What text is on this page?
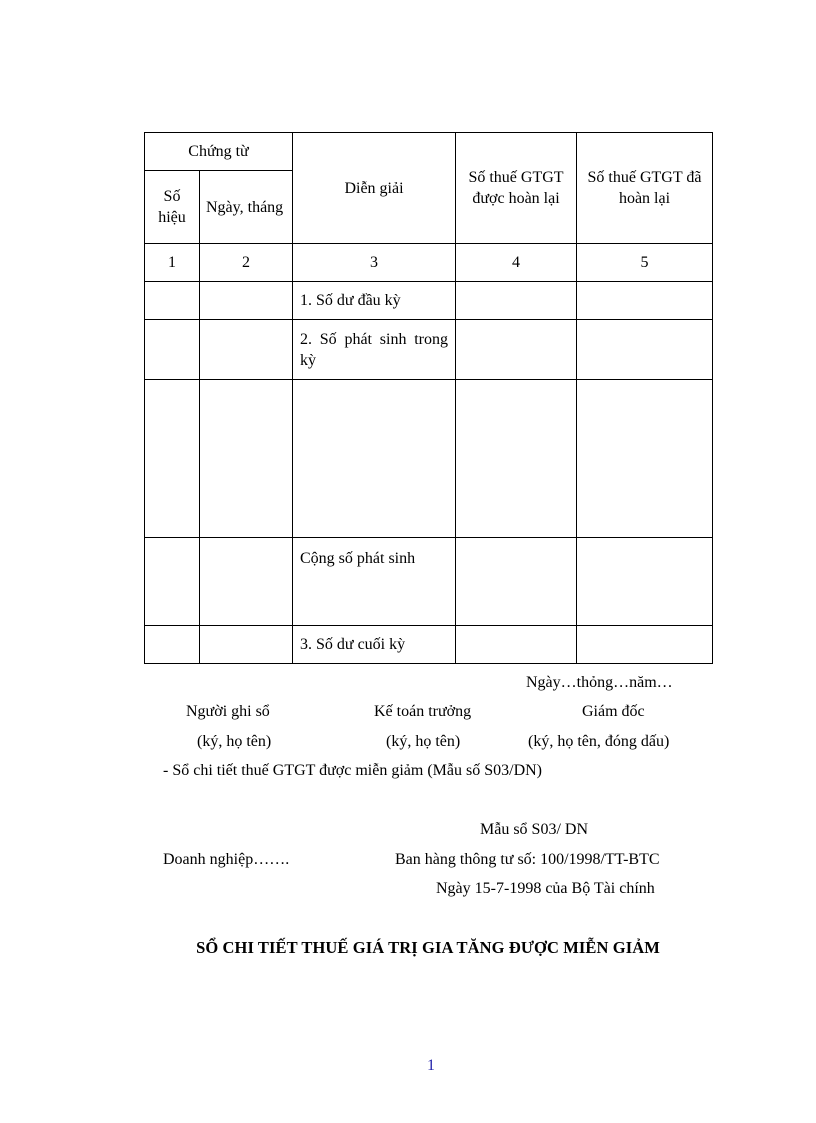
Chứng từ		Diễn giải	Số thuế GTGT được hoàn lại	Số thuế GTGT đã hoàn lại
Số hiệu	Ngày, tháng			
1	2	3	4	5
		1. Số dư đầu kỳ		
		2. Số phát sinh trong kỳ		

		Cộng số phát sinh		
		3. Số dư cuối kỳ		
Ngày…thỏng…năm…
Người ghi sổ	Kế toán trưởng	Giám đốc
(ký, họ tên)	(ký, họ tên)	(ký, họ tên, đóng dấu)
- Sổ chi tiết thuế GTGT được miễn giảm (Mẫu số S03/DN)
Mẫu sổ S03/ DN
Doanh nghiệp…….	Ban hàng thông tư số: 100/1998/TT-BTC
Ngày 15-7-1998 của Bộ Tài chính
SỔ CHI TIẾT THUẾ GIÁ TRỊ GIA TĂNG ĐƯỢC MIỄN GIẢM
1
